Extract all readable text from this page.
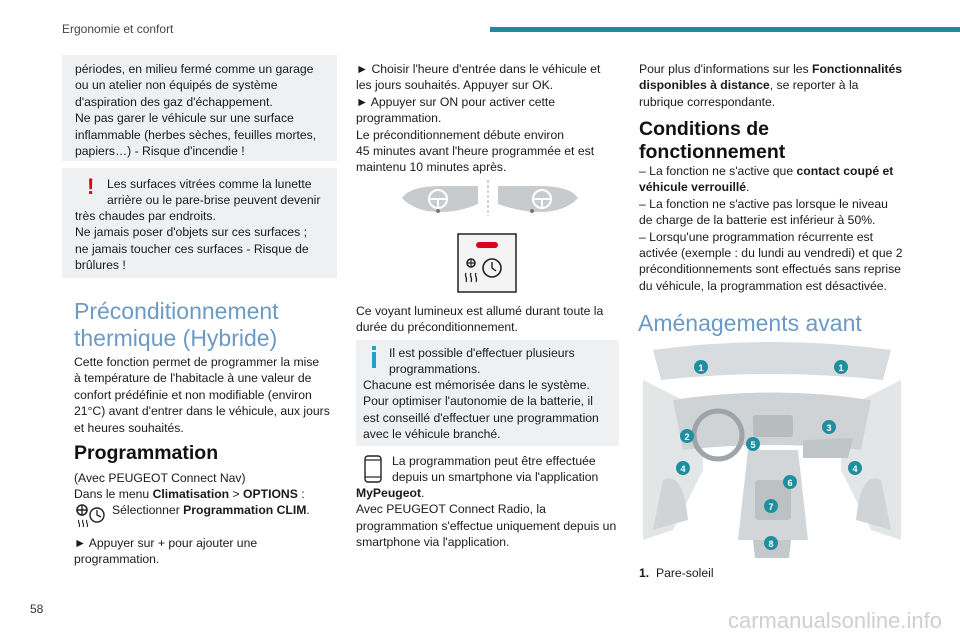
Ergonomie et confort
périodes, en milieu fermé comme un garage
ou un atelier non équipés de système
d'aspiration des gaz d'échappement.
Ne pas garer le véhicule sur une surface
inflammable (herbes sèches, feuilles mortes,
papiers…) - Risque d'incendie !
! Les surfaces vitrées comme la lunette
arrière ou le pare-brise peuvent devenir
très chaudes par endroits.
Ne jamais poser d'objets sur ces surfaces ;
ne jamais toucher ces surfaces - Risque de
brûlures !
Préconditionnement
thermique (Hybride)
Cette fonction permet de programmer la mise
à température de l'habitacle à une valeur de
confort prédéfinie et non modifiable (environ
21°C) avant d'entrer dans le véhicule, aux jours
et heures souhaités.
Programmation
(Avec PEUGEOT Connect Nav)
Dans le menu Climatisation > OPTIONS :
Sélectionner Programmation CLIM.
► Appuyer sur + pour ajouter une
programmation.
► Choisir l'heure d'entrée dans le véhicule et
les jours souhaités. Appuyer sur OK.
► Appuyer sur ON pour activer cette
programmation.
Le préconditionnement débute environ
45 minutes avant l'heure programmée et est
maintenu 10 minutes après.
Ce voyant lumineux est allumé durant toute la
durée du préconditionnement.
Il est possible d'effectuer plusieurs
programmations.
Chacune est mémorisée dans le système.
Pour optimiser l'autonomie de la batterie, il
est conseillé d'effectuer une programmation
avec le véhicule branché.
La programmation peut être effectuée
depuis un smartphone via l'application
MyPeugeot.
Avec PEUGEOT Connect Radio, la
programmation s'effectue uniquement depuis un
smartphone via l'application.
Pour plus d'informations sur les Fonctionnalités
disponibles à distance, se reporter à la
rubrique correspondante.
Conditions de
fonctionnement
– La fonction ne s'active que contact coupé et
véhicule verrouillé.
– La fonction ne s'active pas lorsque le niveau
de charge de la batterie est inférieur à 50%.
– Lorsqu'une programmation récurrente est
activée (exemple : du lundi au vendredi) et que 2
préconditionnements sont effectués sans reprise
du véhicule, la programmation est désactivée.
Aménagements avant
1	1
2
3
4	4
5
6
7
8
1. Pare-soleil
58	carmanualsonline.info
